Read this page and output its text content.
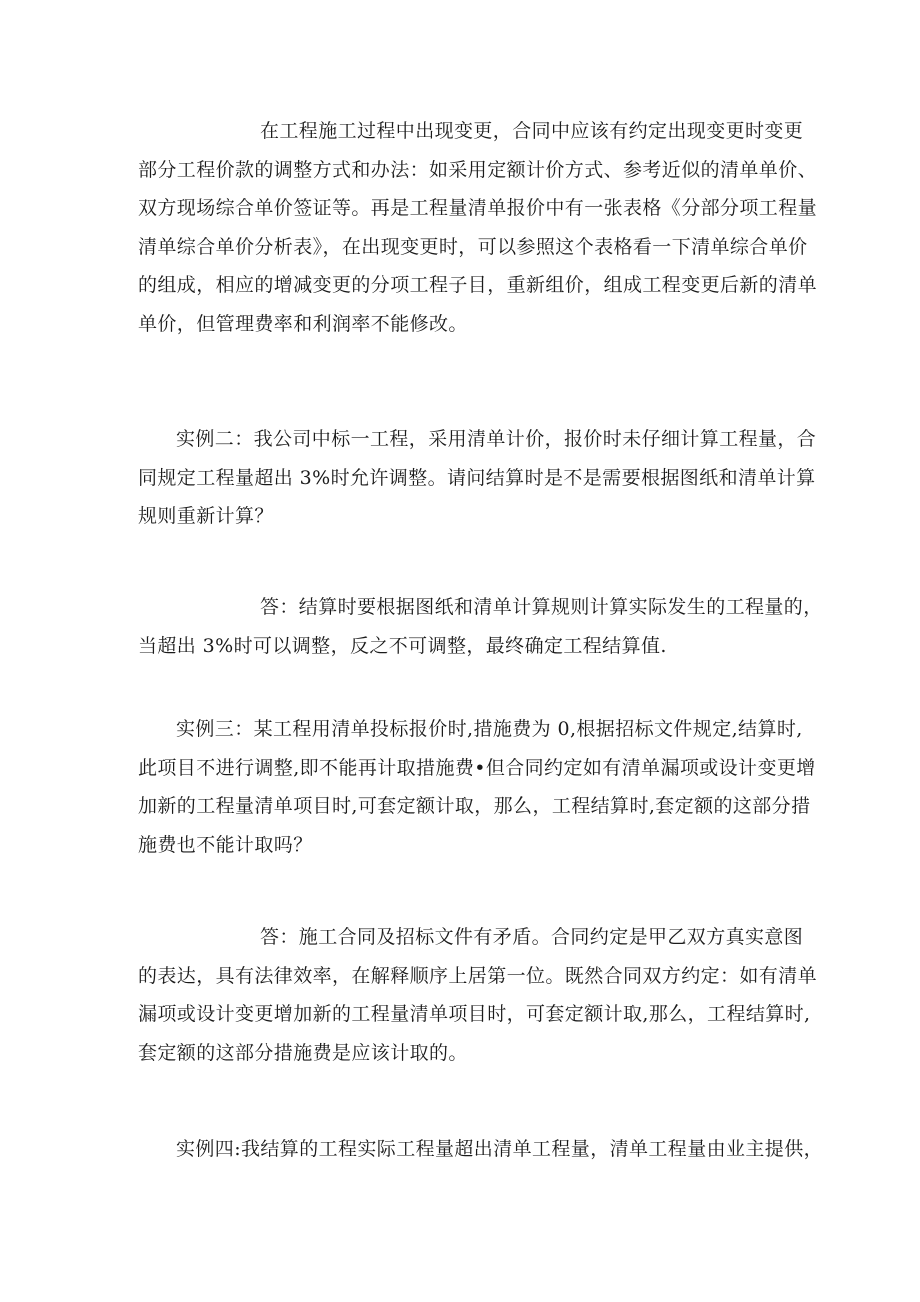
在工程施工过程中出现变更，合同中应该有约定出现变更时变更
部分工程价款的调整方式和办法：如采用定额计价方式、参考近似的清单单价、
双方现场综合单价签证等。再是工程量清单报价中有一张表格《分部分项工程量
清单综合单价分析表》，在出现变更时，可以参照这个表格看一下清单综合单价
的组成，相应的增减变更的分项工程子目，重新组价，组成工程变更后新的清单
单价，但管理费率和利润率不能修改。
实例二：我公司中标一工程，采用清单计价，报价时未仔细计算工程量，合
同规定工程量超出 3%时允许调整。请问结算时是不是需要根据图纸和清单计算
规则重新计算？
答：结算时要根据图纸和清单计算规则计算实际发生的工程量的，
当超出 3%时可以调整，反之不可调整，最终确定工程结算值.
实例三：某工程用清单投标报价时,措施费为 0,根据招标文件规定,结算时,
此项目不进行调整,即不能再计取措施费•但合同约定如有清单漏项或设计变更增
加新的工程量清单项目时,可套定额计取，那么，工程结算时,套定额的这部分措
施费也不能计取吗？
答：施工合同及招标文件有矛盾。合同约定是甲乙双方真实意图
的表达，具有法律效率，在解释顺序上居第一位。既然合同双方约定：如有清单
漏项或设计变更增加新的工程量清单项目时，可套定额计取,那么，工程结算时,
套定额的这部分措施费是应该计取的。
实例四:我结算的工程实际工程量超出清单工程量，清单工程量由业主提供，
